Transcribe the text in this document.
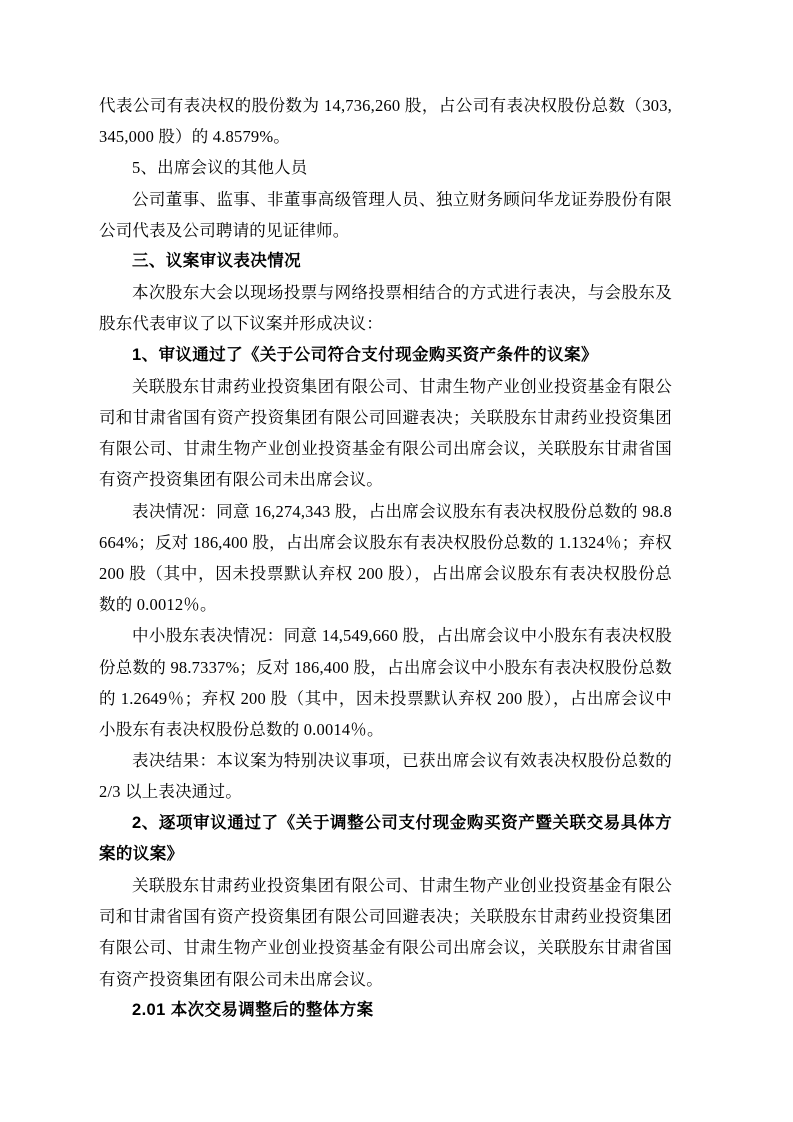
代表公司有表决权的股份数为 14,736,260 股，占公司有表决权股份总数（303,345,000 股）的 4.8579%。

5、出席会议的其他人员

公司董事、监事、非董事高级管理人员、独立财务顾问华龙证券股份有限公司代表及公司聘请的见证律师。

三、议案审议表决情况

本次股东大会以现场投票与网络投票相结合的方式进行表决，与会股东及股东代表审议了以下议案并形成决议：

1、审议通过了《关于公司符合支付现金购买资产条件的议案》

关联股东甘肃药业投资集团有限公司、甘肃生物产业创业投资基金有限公司和甘肃省国有资产投资集团有限公司回避表决；关联股东甘肃药业投资集团有限公司、甘肃生物产业创业投资基金有限公司出席会议，关联股东甘肃省国有资产投资集团有限公司未出席会议。

表决情况：同意 16,274,343 股，占出席会议股东有表决权股份总数的 98.8664%；反对 186,400 股，占出席会议股东有表决权股份总数的 1.1324％；弃权 200 股（其中，因未投票默认弃权 200 股），占出席会议股东有表决权股份总数的 0.0012％。

中小股东表决情况：同意 14,549,660 股，占出席会议中小股东有表决权股份总数的 98.7337%；反对 186,400 股，占出席会议中小股东有表决权股份总数的 1.2649％；弃权 200 股（其中，因未投票默认弃权 200 股），占出席会议中小股东有表决权股份总数的 0.0014％。

表决结果：本议案为特别决议事项，已获出席会议有效表决权股份总数的 2/3 以上表决通过。

2、逐项审议通过了《关于调整公司支付现金购买资产暨关联交易具体方案的议案》

关联股东甘肃药业投资集团有限公司、甘肃生物产业创业投资基金有限公司和甘肃省国有资产投资集团有限公司回避表决；关联股东甘肃药业投资集团有限公司、甘肃生物产业创业投资基金有限公司出席会议，关联股东甘肃省国有资产投资集团有限公司未出席会议。

2.01 本次交易调整后的整体方案
